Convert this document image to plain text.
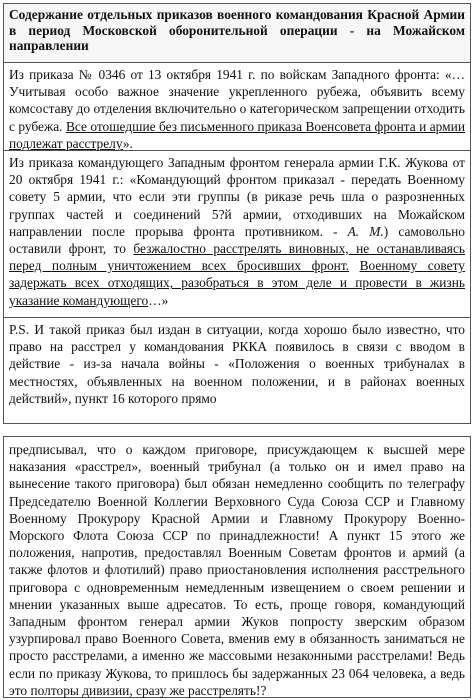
Содержание отдельных приказов военного командования Красной Армии в период Московской оборонительной операции - на Можайском направлении
Из приказа № 0346 от 13 октября 1941 г. по войскам Западного фронта: «…Учитывая особо важное значение укрепленного рубежа, объявить всему комсоставу до отделения включительно о категорическом запрещении отходить с рубежа. Все отошедшие без письменного приказа Военсовета фронта и армии подлежат расстрелу».
Из приказа командующего Западным фронтом генерала армии Г.К. Жукова от 20 октября 1941 г.: «Командующий фронтом приказал - передать Военному совету 5 армии, что если эти группы (в рикaзе речь шла о разрозненных группах частей и соединений 5?й армии, отходивших на Можайском направлении после прорыва фронта противником. - А. М.) самовольно оставили фронт, то безжалостно расстрелять виновных, не останавливаясь перед полным уничтожением всех бросивших фронт. Военному совету задержать всех отходящих, разобраться в этом деле и провести в жизнь указание командующего…»
P.S. И такой приказ был издан в ситуации, когда хорошо было известно, что право на расстрел у командования РККА появилось в связи с вводом в действие - из-за начала войны - «Положения о военных трибуналах в местностях, объявленных на военном положении, и в районах военных действий», пункт 16 которого прямо
предписывал, что о каждом приговоре, присуждающем к высшей мере наказания «расстрел», военный трибунал (а только он и имел право на вынесение такого приговора) был обязан немедленно сообщить по телеграфу Председателю Военной Коллегии Верховного Суда Союза ССР и Главному Военному Прокурору Красной Армии и Главному Прокурору Военно-Морского Флота Союза ССР по принадлежности! А пункт 15 этого же положения, напротив, предоставлял Военным Советам фронтов и армий (а также флотов и флотилий) право приостановления исполнения расстрельного приговора с одновременным немедленным извещением о своем решении и мнении указанных выше адресатов. То есть, проще говоря, командующий Западным фронтом генерал армии Жуков попросту зверским образом узурпировал право Военного Совета, вменив ему в обязанность заниматься не просто расстрелами, а именно же массовыми незаконными расстрелами! Ведь если по приказу Жукова, то пришлось бы задержанных 23 064 человека, а ведь это полторы дивизии, сразу же расстрелять!?
